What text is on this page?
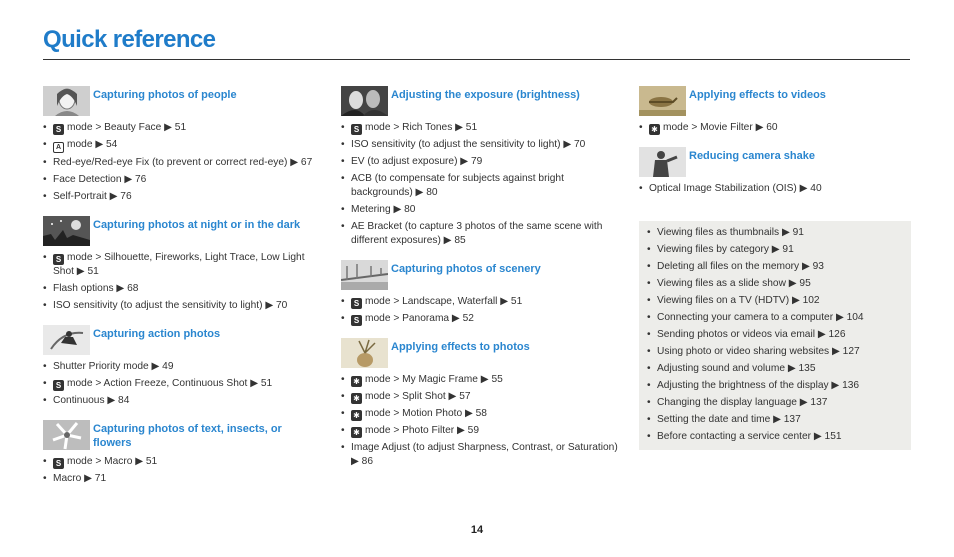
Quick reference
Capturing photos of people
• S mode > Beauty Face ▶ 51
• A mode ▶ 54
• Red-eye/Red-eye Fix (to prevent or correct red-eye) ▶ 67
• Face Detection ▶ 76
• Self-Portrait ▶ 76
Capturing photos at night or in the dark
• S mode > Silhouette, Fireworks, Light Trace, Low Light Shot ▶ 51
• Flash options ▶ 68
• ISO sensitivity (to adjust the sensitivity to light) ▶ 70
Capturing action photos
• Shutter Priority mode ▶ 49
• S mode > Action Freeze, Continuous Shot ▶ 51
• Continuous ▶ 84
Capturing photos of text, insects, or flowers
• S mode > Macro ▶ 51
• Macro ▶ 71
Adjusting the exposure (brightness)
• S mode > Rich Tones ▶ 51
• ISO sensitivity (to adjust the sensitivity to light) ▶ 70
• EV (to adjust exposure) ▶ 79
• ACB (to compensate for subjects against bright backgrounds) ▶ 80
• Metering ▶ 80
• AE Bracket (to capture 3 photos of the same scene with different exposures) ▶ 85
Capturing photos of scenery
• S mode > Landscape, Waterfall ▶ 51
• S mode > Panorama ▶ 52
Applying effects to photos
• ✱ mode > My Magic Frame ▶ 55
• ✱ mode > Split Shot ▶ 57
• ✱ mode > Motion Photo ▶ 58
• ✱ mode > Photo Filter ▶ 59
• Image Adjust (to adjust Sharpness, Contrast, or Saturation) ▶ 86
Applying effects to videos
• ✱ mode > Movie Filter ▶ 60
Reducing camera shake
• Optical Image Stabilization (OIS) ▶ 40
• Viewing files as thumbnails ▶ 91
• Viewing files by category ▶ 91
• Deleting all files on the memory ▶ 93
• Viewing files as a slide show ▶ 95
• Viewing files on a TV (HDTV) ▶ 102
• Connecting your camera to a computer ▶ 104
• Sending photos or videos via email ▶ 126
• Using photo or video sharing websites ▶ 127
• Adjusting sound and volume ▶ 135
• Adjusting the brightness of the display ▶ 136
• Changing the display language ▶ 137
• Setting the date and time ▶ 137
• Before contacting a service center ▶ 151
14
